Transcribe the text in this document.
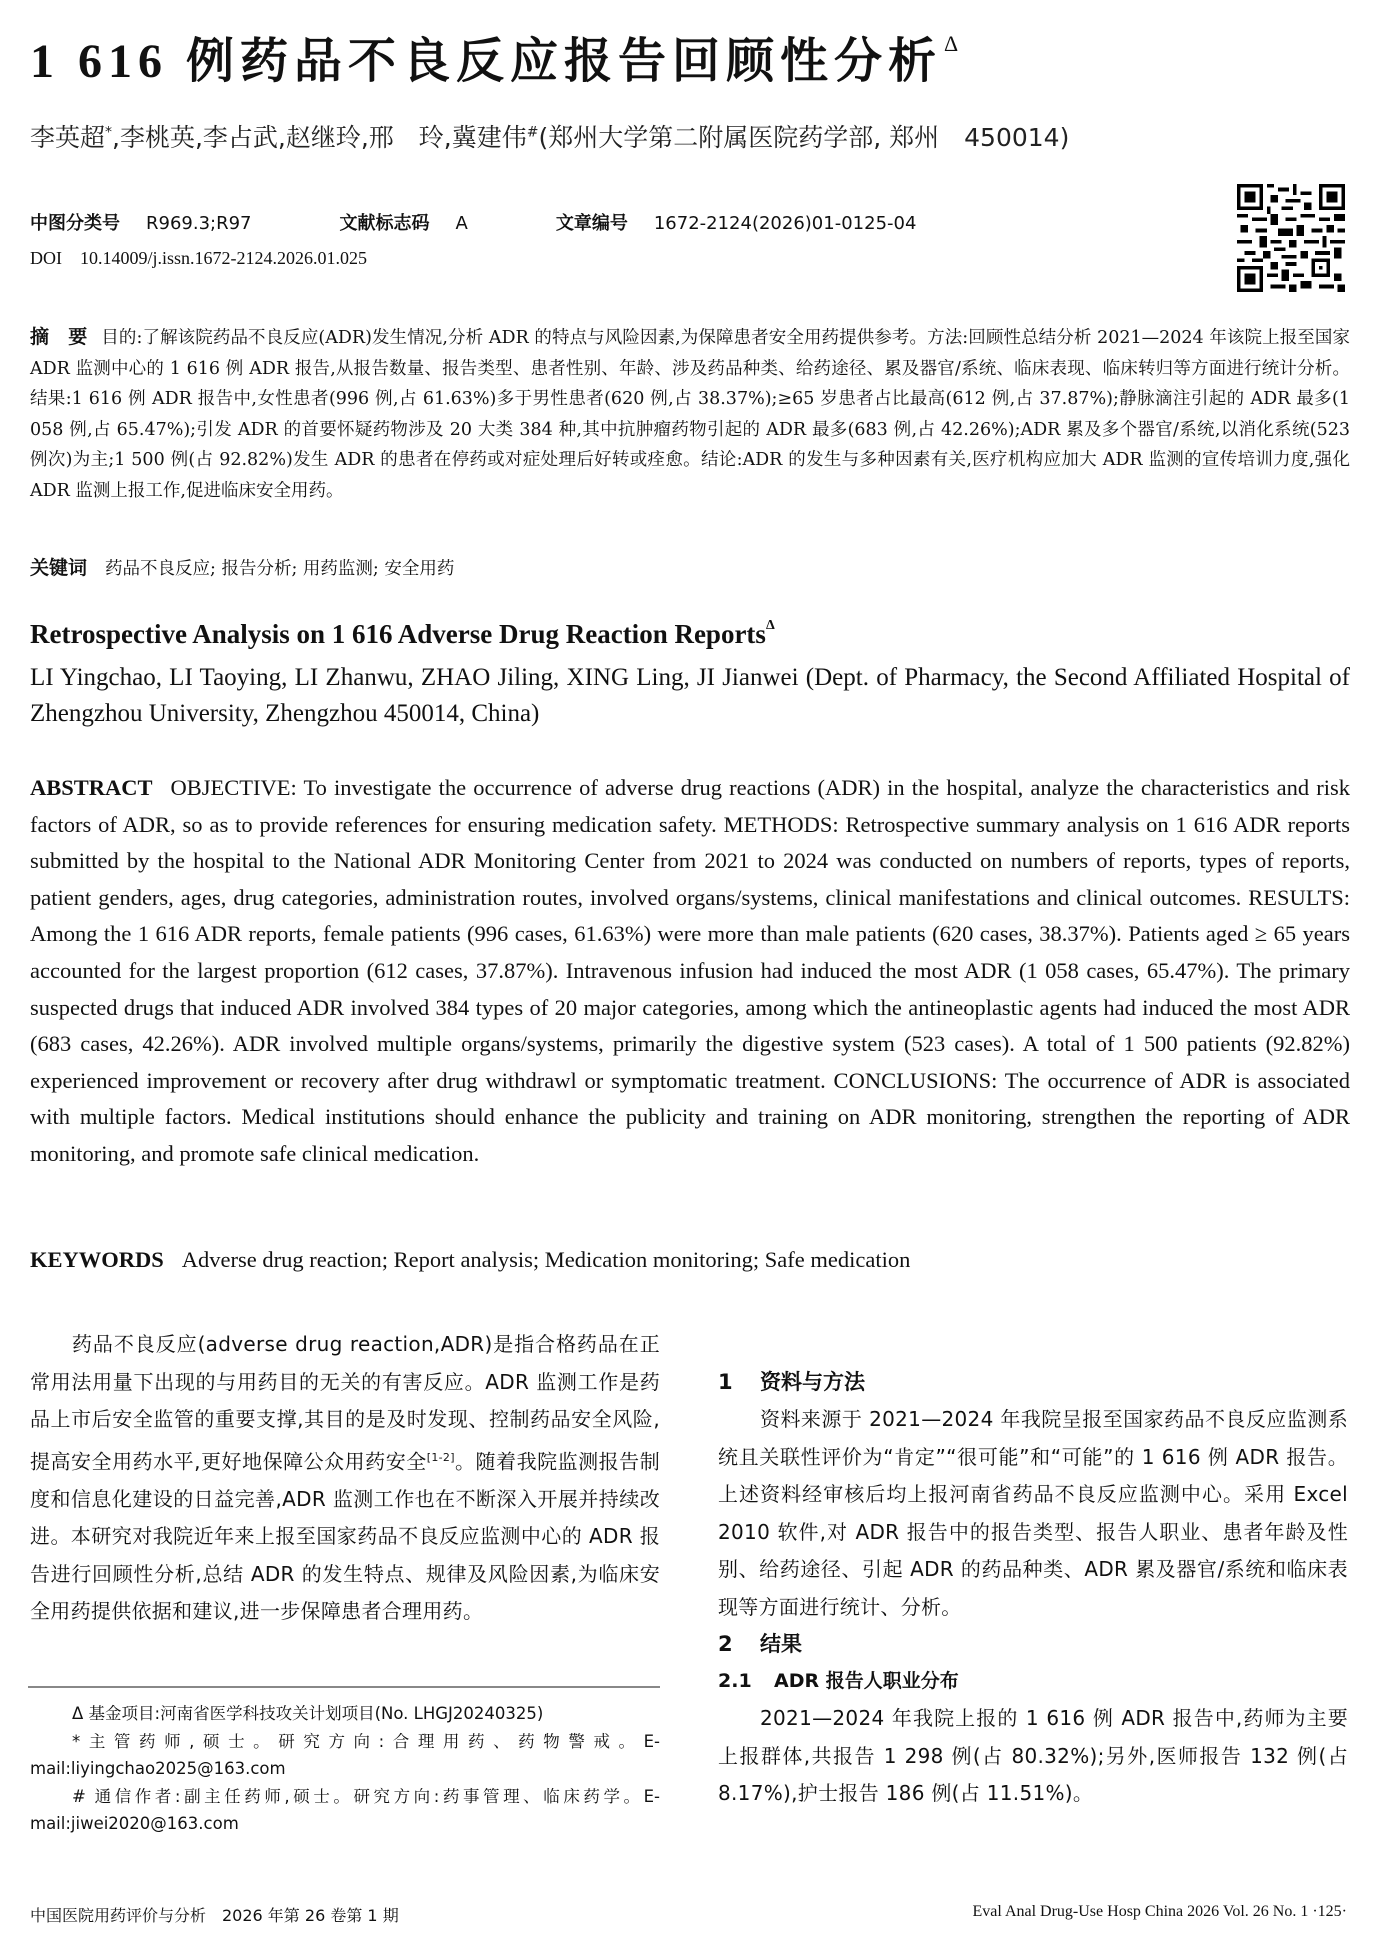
1 616 例药品不良反应报告回顾性分析$^\Delta$
李英超*,李桃英,李占武,赵继玲,邢　玲,冀建伟#(郑州大学第二附属医院药学部, 郑州　450014)
中图分类号 R969.3;R97	文献标志码 A	文章编号 1672-2124(2026)01-0125-04
DOI 10.14009/j.issn.1672-2124.2026.01.025
摘　要 目的:了解该院药品不良反应(ADR)发生情况,分析 ADR 的特点与风险因素,为保障患者安全用药提供参考。方法:回顾性总结分析 2021—2024 年该院上报至国家 ADR 监测中心的 1 616 例 ADR 报告,从报告数量、报告类型、患者性别、年龄、涉及药品种类、给药途径、累及器官/系统、临床表现、临床转归等方面进行统计分析。结果:1 616 例 ADR 报告中,女性患者(996 例,占 61.63%)多于男性患者(620 例,占 38.37%);≥65 岁患者占比最高(612 例,占 37.87%);静脉滴注引起的 ADR 最多(1 058 例,占 65.47%);引发 ADR 的首要怀疑药物涉及 20 大类 384 种,其中抗肿瘤药物引起的 ADR 最多(683 例,占 42.26%);ADR 累及多个器官/系统,以消化系统(523 例次)为主;1 500 例(占 92.82%)发生 ADR 的患者在停药或对症处理后好转或痊愈。结论:ADR 的发生与多种因素有关,医疗机构应加大 ADR 监测的宣传培训力度,强化 ADR 监测上报工作,促进临床安全用药。
关键词 药品不良反应; 报告分析; 用药监测; 安全用药
Retrospective Analysis on 1 616 Adverse Drug Reaction Reports$^\Delta$
LI Yingchao, LI Taoying, LI Zhanwu, ZHAO Jiling, XING Ling, JI Jianwei (Dept. of Pharmacy, the Second Affiliated Hospital of Zhengzhou University, Zhengzhou 450014, China)
ABSTRACT OBJECTIVE: To investigate the occurrence of adverse drug reactions (ADR) in the hospital, analyze the characteristics and risk factors of ADR, so as to provide references for ensuring medication safety. METHODS: Retrospective summary analysis on 1 616 ADR reports submitted by the hospital to the National ADR Monitoring Center from 2021 to 2024 was conducted on numbers of reports, types of reports, patient genders, ages, drug categories, administration routes, involved organs/systems, clinical manifestations and clinical outcomes. RESULTS: Among the 1 616 ADR reports, female patients (996 cases, 61.63%) were more than male patients (620 cases, 38.37%). Patients aged ≥ 65 years accounted for the largest proportion (612 cases, 37.87%). Intravenous infusion had induced the most ADR (1 058 cases, 65.47%). The primary suspected drugs that induced ADR involved 384 types of 20 major categories, among which the antineoplastic agents had induced the most ADR (683 cases, 42.26%). ADR involved multiple organs/systems, primarily the digestive system (523 cases). A total of 1 500 patients (92.82%) experienced improvement or recovery after drug withdrawl or symptomatic treatment. CONCLUSIONS: The occurrence of ADR is associated with multiple factors. Medical institutions should enhance the publicity and training on ADR monitoring, strengthen the reporting of ADR monitoring, and promote safe clinical medication.
KEYWORDS Adverse drug reaction; Report analysis; Medication monitoring; Safe medication

药品不良反应(adverse drug reaction,ADR)是指合格药品在正常用法用量下出现的与用药目的无关的有害反应。ADR 监测工作是药品上市后安全监管的重要支撑,其目的是及时发现、控制药品安全风险,提高安全用药水平,更好地保障公众用药安全[1-2]。随着我院监测报告制度和信息化建设的日益完善,ADR 监测工作也在不断深入开展并持续改进。本研究对我院近年来上报至国家药品不良反应监测中心的 ADR 报告进行回顾性分析,总结 ADR 的发生特点、规律及风险因素,为临床安全用药提供依据和建议,进一步保障患者合理用药。

1 资料与方法

资料来源于 2021—2024 年我院呈报至国家药品不良反应监测系统且关联性评价为“肯定”“很可能”和“可能”的 1 616 例 ADR 报告。上述资料经审核后均上报河南省药品不良反应监测中心。采用 Excel 2010 软件,对 ADR 报告中的报告类型、报告人职业、患者年龄及性别、给药途径、引起 ADR 的药品种类、ADR 累及器官/系统和临床表现等方面进行统计、分析。

2 结果

2.1 ADR 报告人职业分布

2021—2024 年我院上报的 1 616 例 ADR 报告中,药师为主要上报群体,共报告 1 298 例(占 80.32%);另外,医师报告 132 例(占 8.17%),护士报告 186 例(占 11.51%)。

Δ 基金项目:河南省医学科技攻关计划项目(No. LHGJ20240325)

*主管药师,硕士。研究方向:合理用药、药物警戒。E-mail:liyingchao2025@163.com

# 通信作者:副主任药师,硕士。研究方向:药事管理、临床药学。E-mail:jiwei2020@163.com

中国医院用药评价与分析　2026 年第 26 卷第 1 期	Eval Anal Drug-Use Hosp China 2026 Vol. 26 No. 1 ·125·
